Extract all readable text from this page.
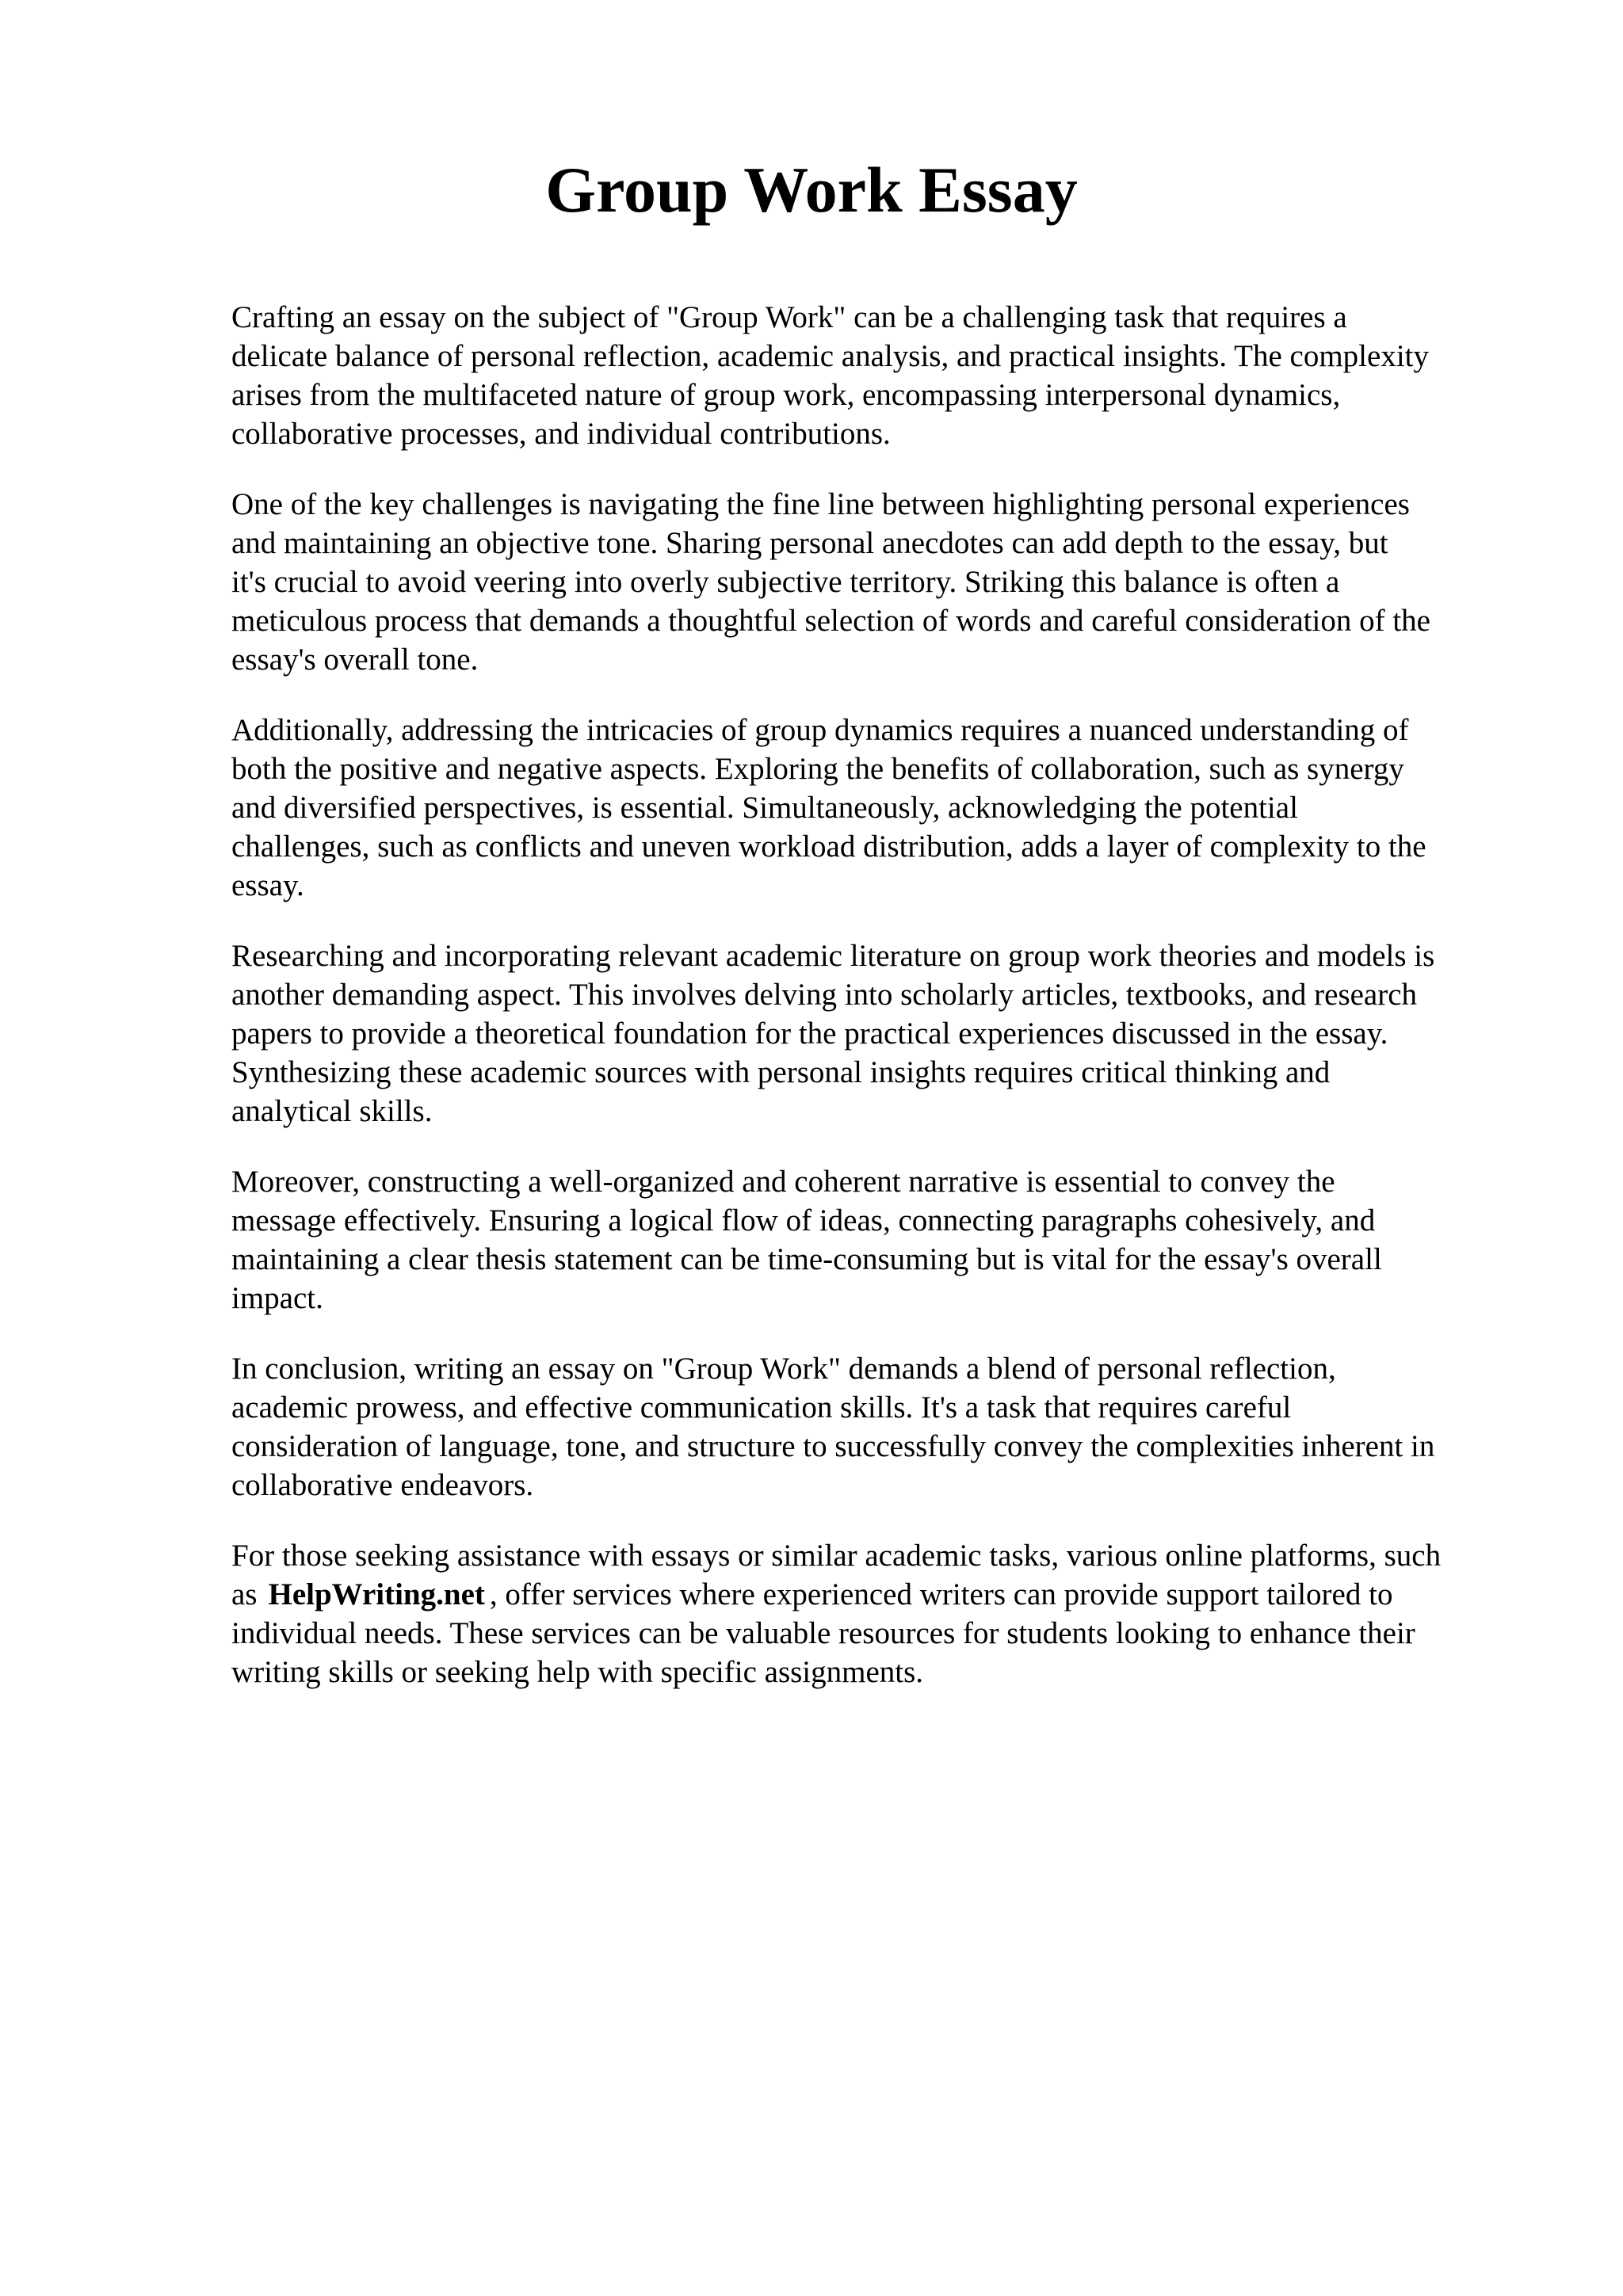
Group Work Essay

Crafting an essay on the subject of "Group Work" can be a challenging task that requires a
delicate balance of personal reflection, academic analysis, and practical insights. The complexity
arises from the multifaceted nature of group work, encompassing interpersonal dynamics,
collaborative processes, and individual contributions.

One of the key challenges is navigating the fine line between highlighting personal experiences
and maintaining an objective tone. Sharing personal anecdotes can add depth to the essay, but
it's crucial to avoid veering into overly subjective territory. Striking this balance is often a
meticulous process that demands a thoughtful selection of words and careful consideration of the
essay's overall tone.

Additionally, addressing the intricacies of group dynamics requires a nuanced understanding of
both the positive and negative aspects. Exploring the benefits of collaboration, such as synergy
and diversified perspectives, is essential. Simultaneously, acknowledging the potential
challenges, such as conflicts and uneven workload distribution, adds a layer of complexity to the
essay.

Researching and incorporating relevant academic literature on group work theories and models is
another demanding aspect. This involves delving into scholarly articles, textbooks, and research
papers to provide a theoretical foundation for the practical experiences discussed in the essay.
Synthesizing these academic sources with personal insights requires critical thinking and
analytical skills.

Moreover, constructing a well-organized and coherent narrative is essential to convey the
message effectively. Ensuring a logical flow of ideas, connecting paragraphs cohesively, and
maintaining a clear thesis statement can be time-consuming but is vital for the essay's overall
impact.

In conclusion, writing an essay on "Group Work" demands a blend of personal reflection,
academic prowess, and effective communication skills. It's a task that requires careful
consideration of language, tone, and structure to successfully convey the complexities inherent in
collaborative endeavors.

For those seeking assistance with essays or similar academic tasks, various online platforms, such
as HelpWriting.net , offer services where experienced writers can provide support tailored to
individual needs. These services can be valuable resources for students looking to enhance their
writing skills or seeking help with specific assignments.
